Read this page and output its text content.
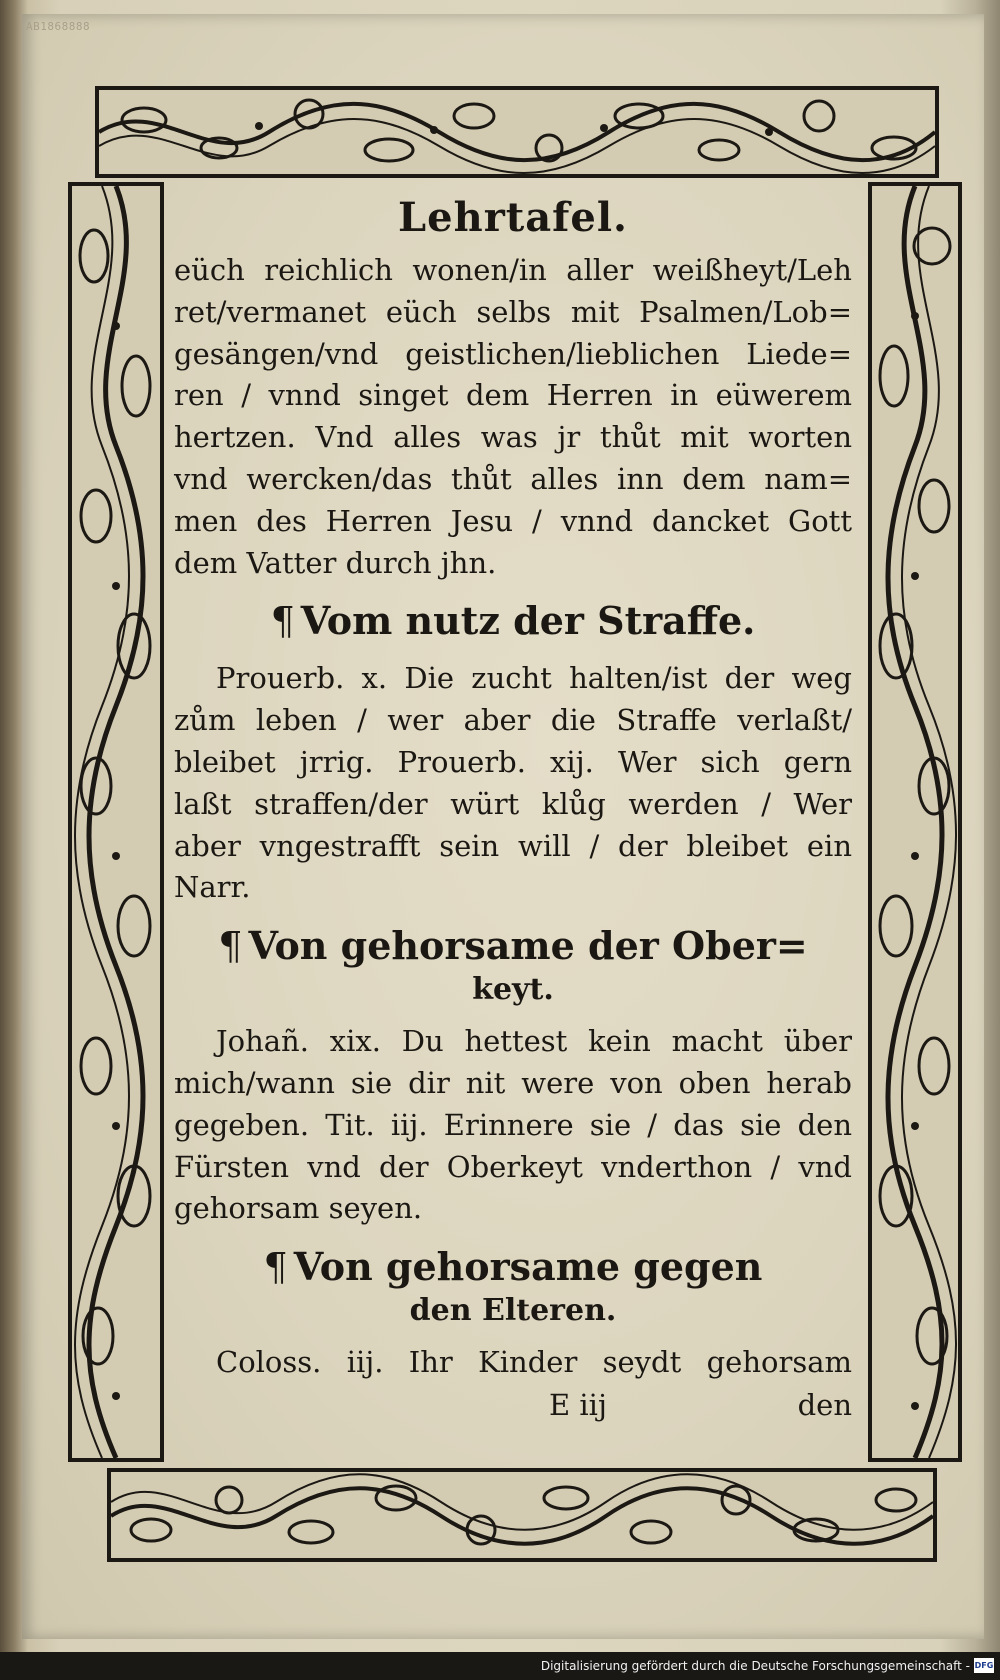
AB1868888
Lehrtafel.
eüch reichlich wonen/in aller weißheyt/Leh
ret/vermanet eüch selbs mit Psalmen/Lob=
gesängen/vnd geistlichen/lieblichen Liede=
ren / vnnd singet dem Herren in eüwerem
hertzen. Vnd alles was jr thůt mit worten
vnd wercken/das thůt alles inn dem nam=
men des Herren Jesu / vnnd dancket Gott
dem Vatter durch jhn.
¶ Vom nutz der Straffe.
Prouerb. x. Die zucht halten/ist der weg
zům leben / wer aber die Straffe verlaßt/
bleibet jrrig. Prouerb. xij. Wer sich gern
laßt straffen/der würt klůg werden / Wer
aber vngestrafft sein will / der bleibet ein
Narr.
¶ Von gehorsame der Ober=
keyt.
Johañ. xix. Du hettest kein macht über
mich/wann sie dir nit were von oben herab
gegeben. Tit. iij. Erinnere sie / das sie den
Fürsten vnd der Oberkeyt vnderthon / vnd
gehorsam seyen.
¶ Von gehorsame gegen
den Elteren.
Coloss. iij. Ihr Kinder seydt gehorsam
E iij	den
Digitalisierung gefördert durch die Deutsche Forschungsgemeinschaft - DFG
